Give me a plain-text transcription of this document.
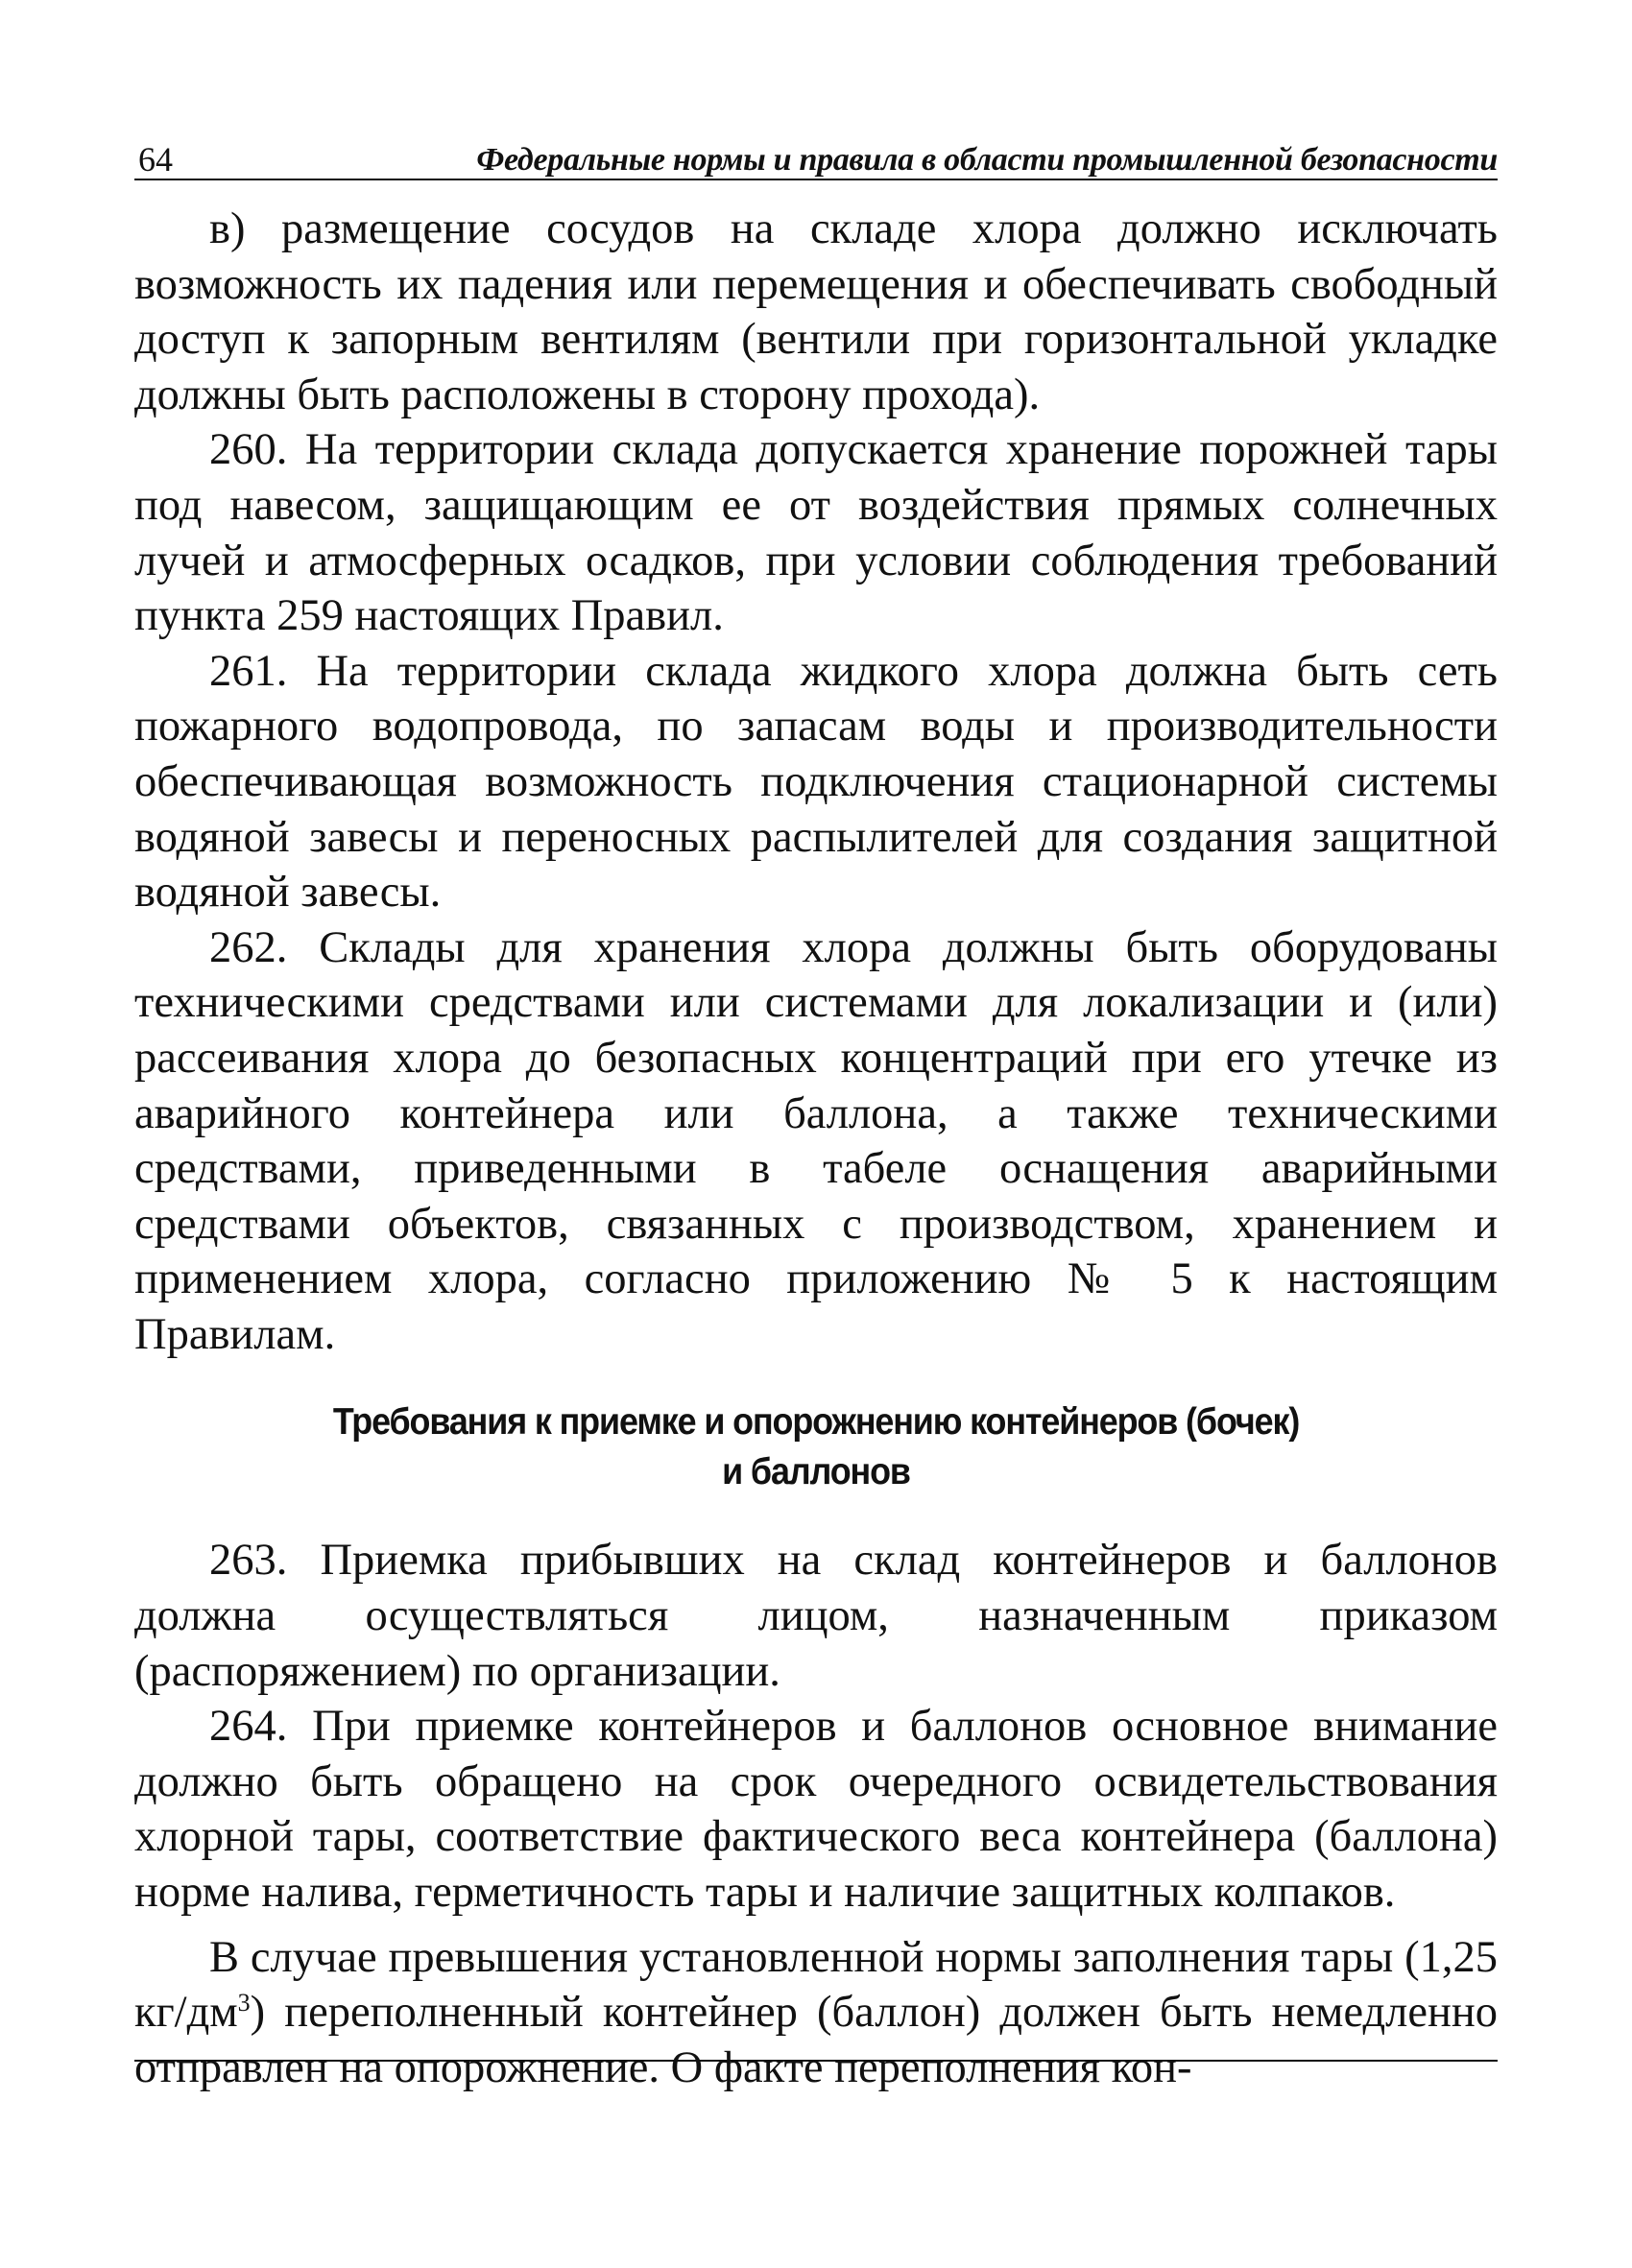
64	Федеральные нормы и правила в области промышленной безопасности

в) размещение сосудов на складе хлора должно исключать возможность их падения или перемещения и обеспечивать свободный доступ к запорным вентилям (вентили при горизонтальной укладке должны быть расположены в сторону прохода).

260. На территории склада допускается хранение порожней тары под навесом, защищающим ее от воздействия прямых солнечных лучей и атмосферных осадков, при условии соблюдения требований пункта 259 настоящих Правил.

261. На территории склада жидкого хлора должна быть сеть пожарного водопровода, по запасам воды и производительности обеспечивающая возможность подключения стационарной системы водяной завесы и переносных распылителей для создания защитной водяной завесы.

262. Склады для хранения хлора должны быть оборудованы техническими средствами или системами для локализации и (или) рассеивания хлора до безопасных концентраций при его утечке из аварийного контейнера или баллона, а также техническими средствами, приведенными в табеле оснащения аварийными средствами объектов, связанных с производством, хранением и применением хлора, согласно приложению № 5 к настоящим Правилам.

Требования к приемке и опорожнению контейнеров (бочек)
и баллонов

263. Приемка прибывших на склад контейнеров и баллонов должна осуществляться лицом, назначенным приказом (распоряжением) по организации.

264. При приемке контейнеров и баллонов основное внимание должно быть обращено на срок очередного освидетельствования хлорной тары, соответствие фактического веса контейнера (баллона) норме налива, герметичность тары и наличие защитных колпаков.

В случае превышения установленной нормы заполнения тары (1,25 $кг/дм^3$) переполненный контейнер (баллон) должен быть немедленно отправлен на опорожнение. О факте переполнения кон-
